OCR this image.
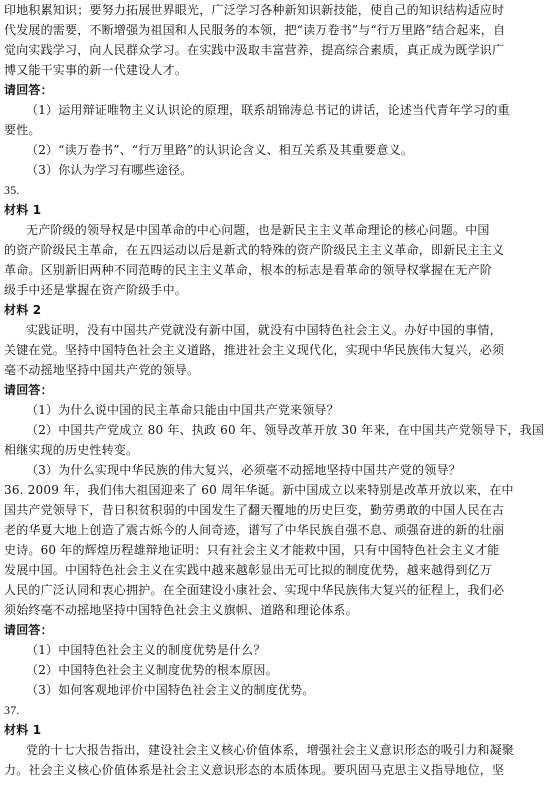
印地积累知识；要努力拓展世界眼光，广泛学习各种新知识新技能，使自己的知识结构适应时
代发展的需要，不断增强为祖国和人民服务的本领，把“读万卷书”与“行万里路”结合起来，自
觉向实践学习，向人民群众学习。在实践中汲取丰富营养，提高综合素质，真正成为既学识广
博又能干实事的新一代建设人才。
请回答：
（1）运用辩证唯物主义认识论的原理，联系胡锦涛总书记的讲话，论述当代青年学习的重
要性。
（2）“读万卷书”、“行万里路”的认识论含义、相互关系及其重要意义。
（3）你认为学习有哪些途径。
35.
材料 1
无产阶级的领导权是中国革命的中心问题，也是新民主主义革命理论的核心问题。中国
的资产阶级民主革命，在五四运动以后是新式的特殊的资产阶级民主主义革命，即新民主主义
革命。区别新旧两种不同范畴的民主主义革命，根本的标志是看革命的领导权掌握在无产阶
级手中还是掌握在资产阶级手中。
材料 2
实践证明，没有中国共产党就没有新中国，就没有中国特色社会主义。办好中国的事情，
关键在党。坚持中国特色社会主义道路，推进社会主义现代化，实现中华民族伟大复兴，必须
毫不动摇地坚持中国共产党的领导。
请回答：
（1）为什么说中国的民主革命只能由中国共产党来领导？
（2）中国共产党成立 80 年、执政 60 年、领导改革开放 30 年来，在中国共产党领导下，我国
相继实现的历史性转变。
（3）为什么实现中华民族的伟大复兴，必须毫不动摇地坚持中国共产党的领导？
36. 2009 年，我们伟大祖国迎来了 60 周年华诞。新中国成立以来特别是改革开放以来，在中
国共产党领导下，昔日积贫积弱的中国发生了翻天覆地的历史巨变，勤劳勇敢的中国人民在古
老的华夏大地上创造了震古烁今的人间奇迹，谱写了中华民族自强不息、顽强奋进的新的壮丽
史诗。60 年的辉煌历程雄辩地证明：只有社会主义才能救中国，只有中国特色社会主义才能
发展中国。中国特色社会主义在实践中越来越彰显出无可比拟的制度优势，越来越得到亿万
人民的广泛认同和衷心拥护。在全面建设小康社会、实现中华民族伟大复兴的征程上，我们必
须始终毫不动摇地坚持中国特色社会主义旗帜、道路和理论体系。
请回答：
（1）中国特色社会主义的制度优势是什么？
（2）中国特色社会主义制度优势的根本原因。
（3）如何客观地评价中国特色社会主义的制度优势。
37.
材料 1
党的十七大报告指出，建设社会主义核心价值体系，增强社会主义意识形态的吸引力和凝聚
力。社会主义核心价值体系是社会主义意识形态的本质体现。要巩固马克思主义指导地位，坚
